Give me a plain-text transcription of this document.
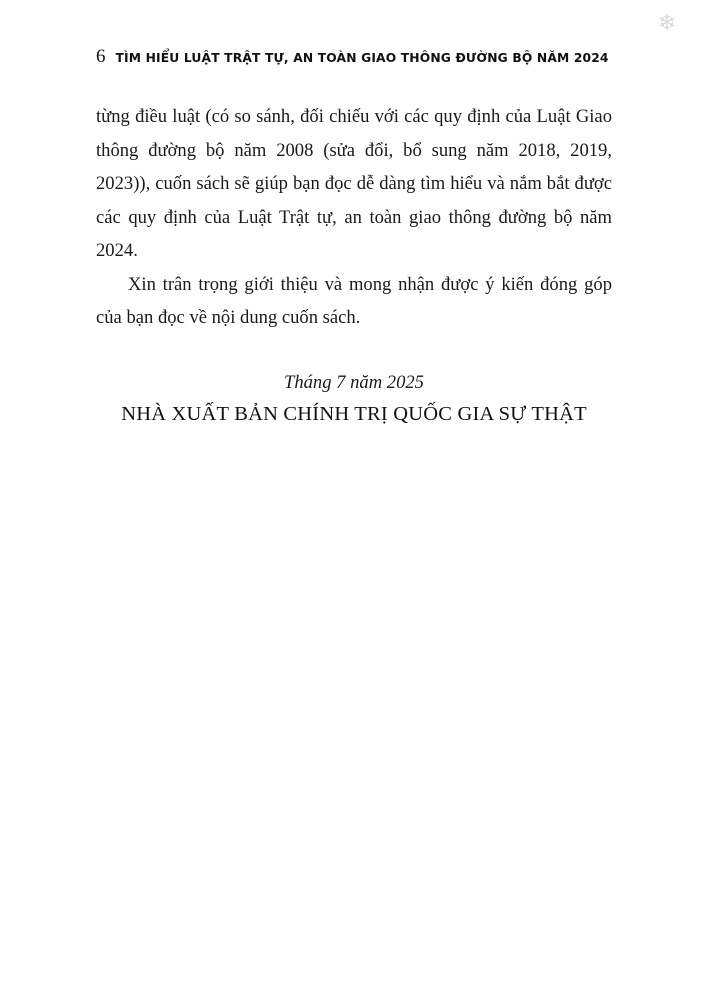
❄
6 TÌM HIỂU LUẬT TRẬT TỰ, AN TOÀN GIAO THÔNG ĐƯỜNG BỘ NĂM 2024

từng điều luật (có so sánh, đối chiếu với các quy định của Luật Giao thông đường bộ năm 2008 (sửa đổi, bổ sung năm 2018, 2019, 2023)), cuốn sách sẽ giúp bạn đọc dễ dàng tìm hiểu và nắm bắt được các quy định của Luật Trật tự, an toàn giao thông đường bộ năm 2024.

Xin trân trọng giới thiệu và mong nhận được ý kiến đóng góp của bạn đọc về nội dung cuốn sách.

Tháng 7 năm 2025
NHÀ XUẤT BẢN CHÍNH TRỊ QUỐC GIA SỰ THẬT
